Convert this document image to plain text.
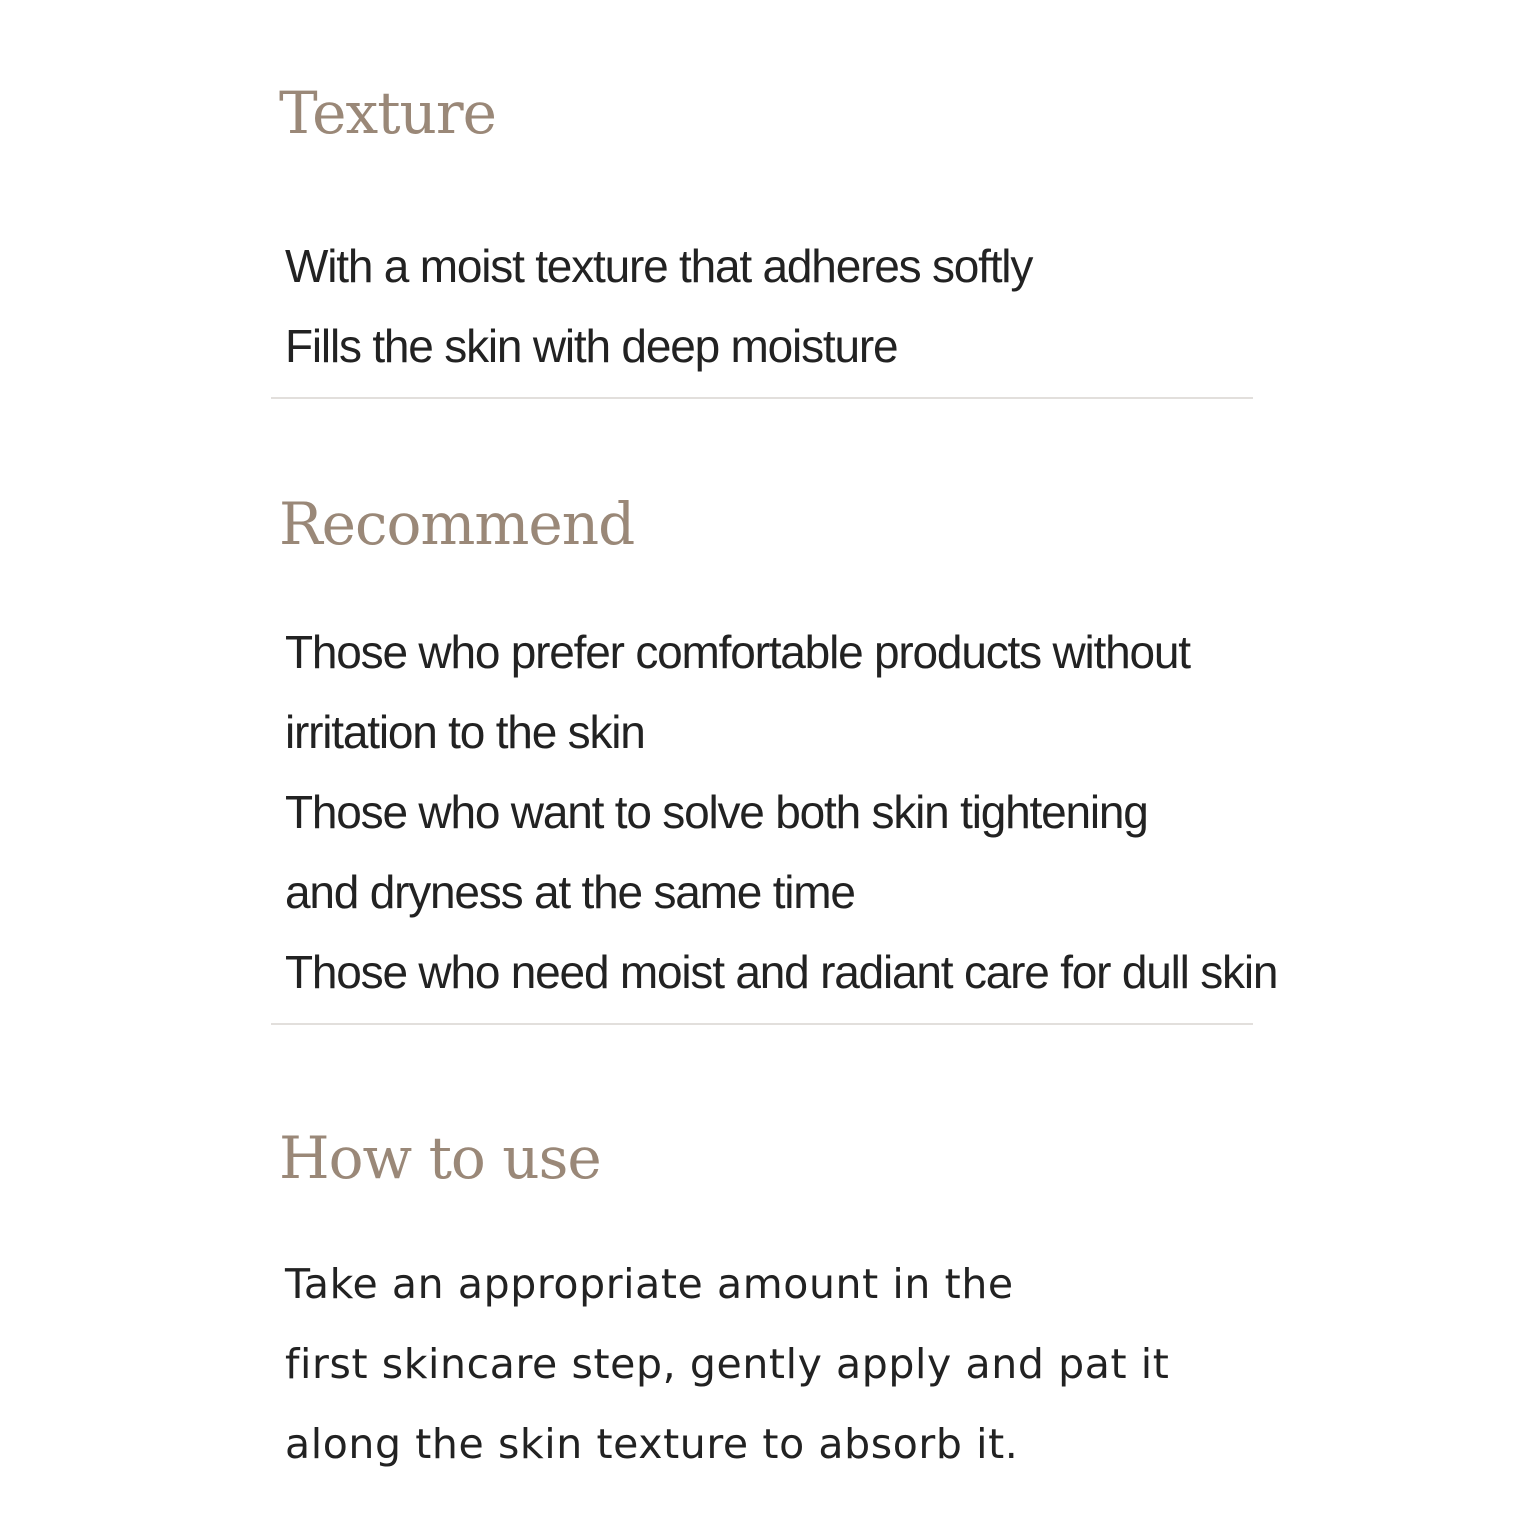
Texture
With a moist texture that adheres softly
Fills the skin with deep moisture
Recommend
Those who prefer comfortable products without
irritation to the skin
Those who want to solve both skin tightening
and dryness at the same time
Those who need moist and radiant care for dull skin
How to use
Take an appropriate amount in the
first skincare step, gently apply and pat it
along the skin texture to absorb it.
